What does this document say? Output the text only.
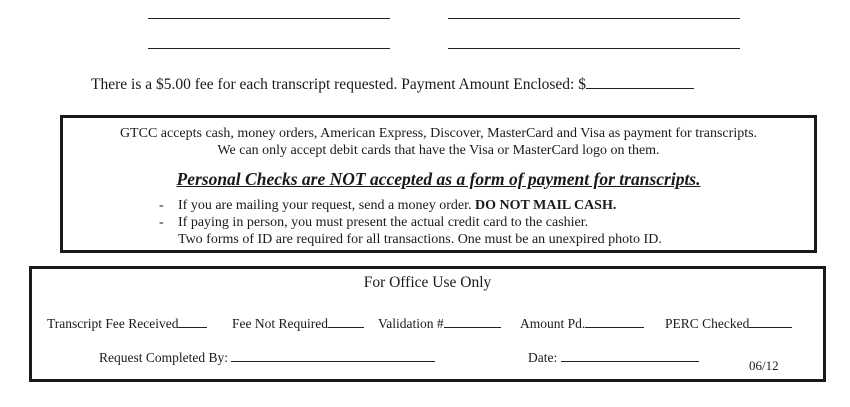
There is a $5.00 fee for each transcript requested. Payment Amount Enclosed: $
GTCC accepts cash, money orders, American Express, Discover, MasterCard and Visa as payment for transcripts.
We can only accept debit cards that have the Visa or MasterCard logo on them.
Personal Checks are NOT accepted as a form of payment for transcripts.
- If you are mailing your request, send a money order. DO NOT MAIL CASH.
- If paying in person, you must present the actual credit card to the cashier.
Two forms of ID are required for all transactions. One must be an unexpired photo ID.
For Office Use Only
Transcript Fee Received	Fee Not Required	Validation #	Amount Pd.	PERC Checked
Request Completed By:	Date:
06/12
